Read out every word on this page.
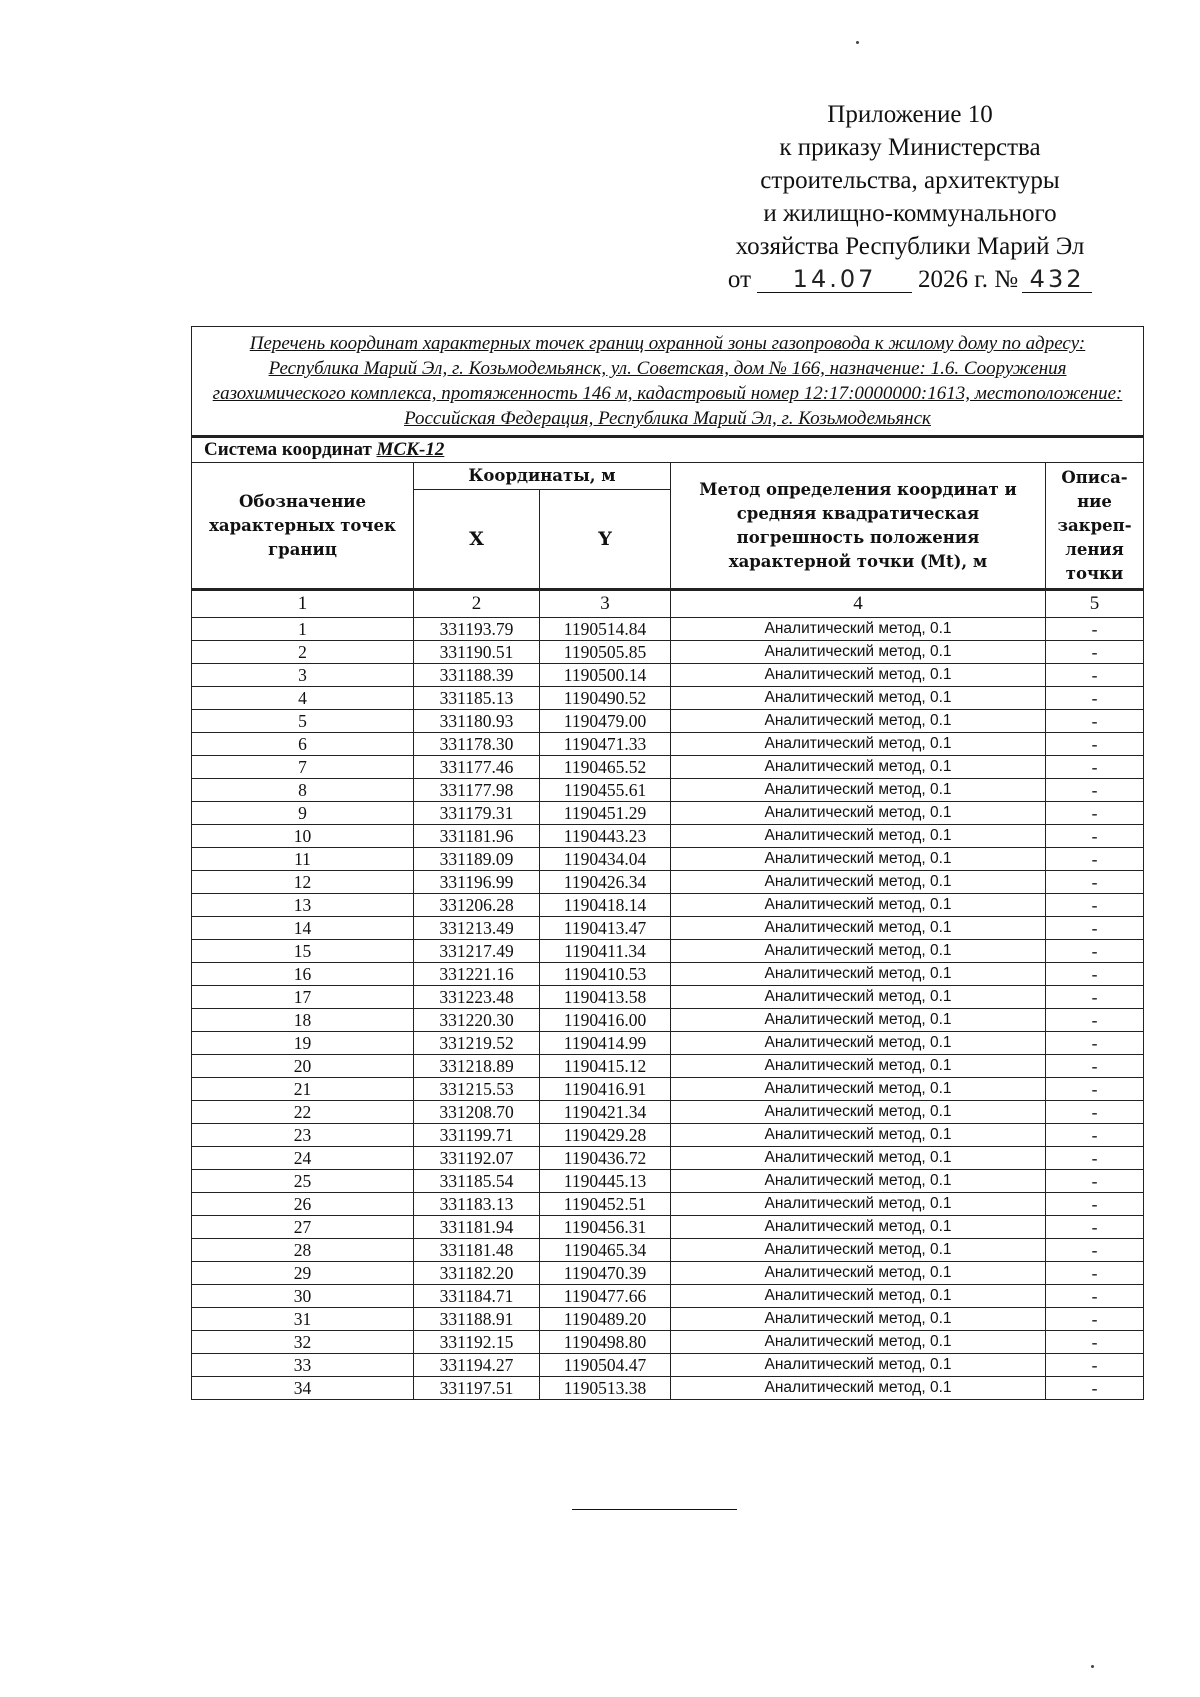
Приложение 10
к приказу Министерства
строительства, архитектуры
и жилищно-коммунального
хозяйства Республики Марий Эл
от 14.07 2026 г. № 432
Перечень координат характерных точек границ охранной зоны газопровода к жилому дому по адресу: Республика Марий Эл, г. Козьмодемьянск, ул. Советская, дом № 166, назначение: 1.6. Сооружения газохимического комплекса, протяженность 146 м, кадастровый номер 12:17:0000000:1613, местоположение: Российская Федерация, Республика Марий Эл, г. Козьмодемьянск				
Система координат МСК-12				
Обозначение характерных точек границ	Координаты, м		Метод определения координат и средняя квадратическая погрешность положения характерной точки (Mt), м	Описа-ние закреп-ления точки
	X	Y		
1	2	3	4	5
1	331193.79	1190514.84	Аналитический метод, 0.1	-
2	331190.51	1190505.85	Аналитический метод, 0.1	-
3	331188.39	1190500.14	Аналитический метод, 0.1	-
4	331185.13	1190490.52	Аналитический метод, 0.1	-
5	331180.93	1190479.00	Аналитический метод, 0.1	-
6	331178.30	1190471.33	Аналитический метод, 0.1	-
7	331177.46	1190465.52	Аналитический метод, 0.1	-
8	331177.98	1190455.61	Аналитический метод, 0.1	-
9	331179.31	1190451.29	Аналитический метод, 0.1	-
10	331181.96	1190443.23	Аналитический метод, 0.1	-
11	331189.09	1190434.04	Аналитический метод, 0.1	-
12	331196.99	1190426.34	Аналитический метод, 0.1	-
13	331206.28	1190418.14	Аналитический метод, 0.1	-
14	331213.49	1190413.47	Аналитический метод, 0.1	-
15	331217.49	1190411.34	Аналитический метод, 0.1	-
16	331221.16	1190410.53	Аналитический метод, 0.1	-
17	331223.48	1190413.58	Аналитический метод, 0.1	-
18	331220.30	1190416.00	Аналитический метод, 0.1	-
19	331219.52	1190414.99	Аналитический метод, 0.1	-
20	331218.89	1190415.12	Аналитический метод, 0.1	-
21	331215.53	1190416.91	Аналитический метод, 0.1	-
22	331208.70	1190421.34	Аналитический метод, 0.1	-
23	331199.71	1190429.28	Аналитический метод, 0.1	-
24	331192.07	1190436.72	Аналитический метод, 0.1	-
25	331185.54	1190445.13	Аналитический метод, 0.1	-
26	331183.13	1190452.51	Аналитический метод, 0.1	-
27	331181.94	1190456.31	Аналитический метод, 0.1	-
28	331181.48	1190465.34	Аналитический метод, 0.1	-
29	331182.20	1190470.39	Аналитический метод, 0.1	-
30	331184.71	1190477.66	Аналитический метод, 0.1	-
31	331188.91	1190489.20	Аналитический метод, 0.1	-
32	331192.15	1190498.80	Аналитический метод, 0.1	-
33	331194.27	1190504.47	Аналитический метод, 0.1	-
34	331197.51	1190513.38	Аналитический метод, 0.1	-
